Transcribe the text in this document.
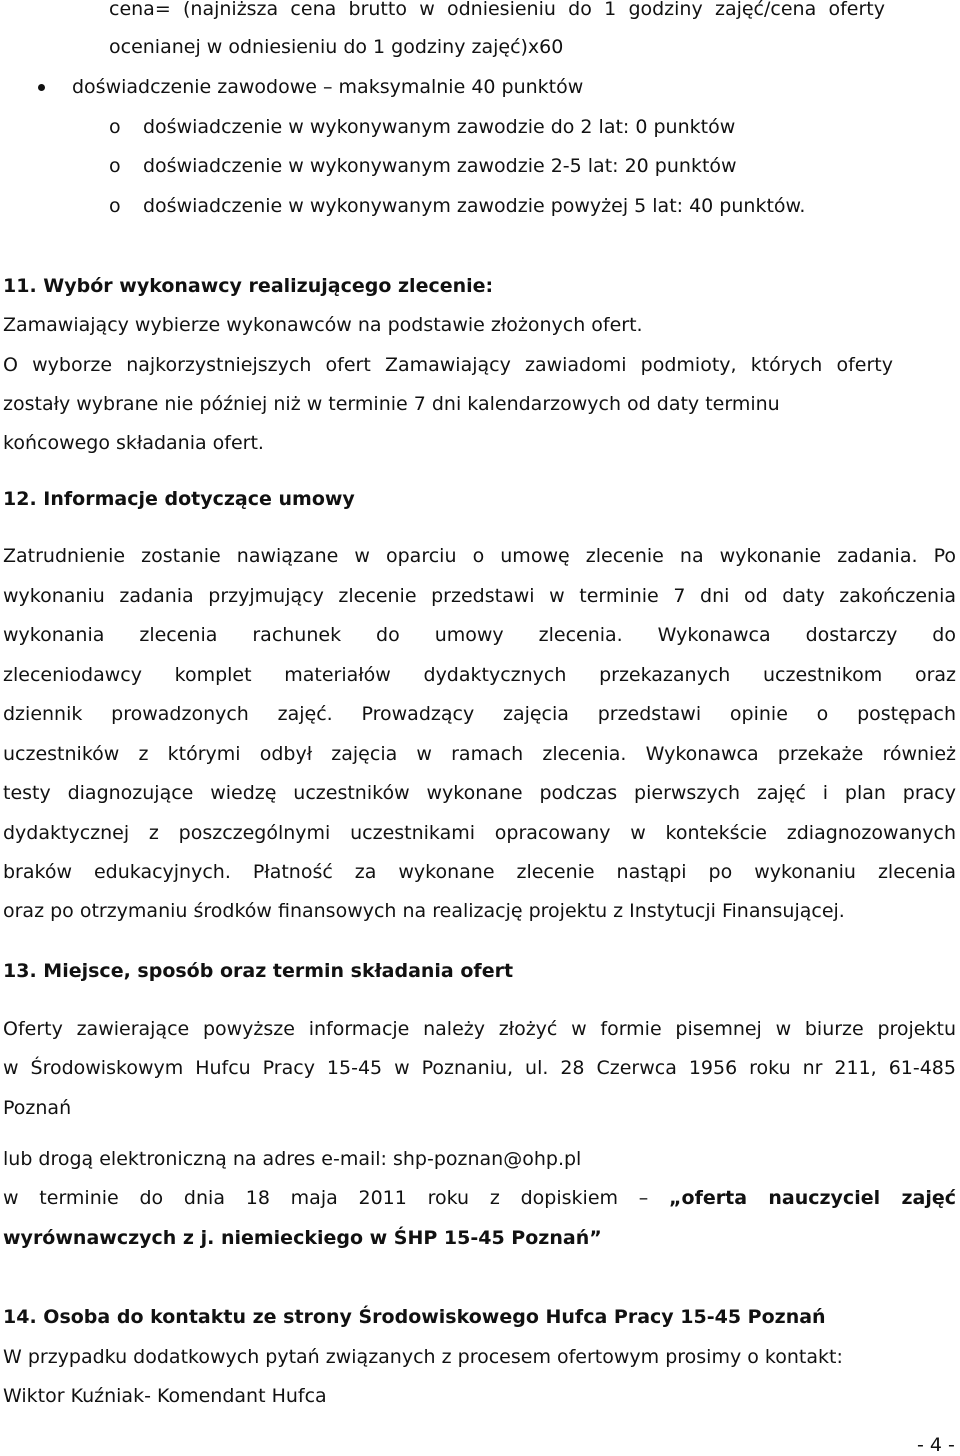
cena= (najniższa cena brutto w odniesieniu do 1 godziny zajęć/cena oferty
ocenianej w odniesieniu do 1 godziny zajęć)x60
doświadczenie zawodowe – maksymalnie 40 punktów
o doświadczenie w wykonywanym zawodzie do 2 lat: 0 punktów
o doświadczenie w wykonywanym zawodzie 2-5 lat: 20 punktów
o doświadczenie w wykonywanym zawodzie powyżej 5 lat: 40 punktów.
11. Wybór wykonawcy realizującego zlecenie:
Zamawiający wybierze wykonawców na podstawie złożonych ofert.
O wyborze najkorzystniejszych ofert Zamawiający zawiadomi podmioty, których oferty
zostały wybrane nie później niż w terminie 7 dni kalendarzowych od daty terminu
końcowego składania ofert.
12. Informacje dotyczące umowy
Zatrudnienie zostanie nawiązane w oparciu o umowę zlecenie na wykonanie zadania. Po
wykonaniu zadania przyjmujący zlecenie przedstawi w terminie 7 dni od daty zakończenia
wykonania zlecenia rachunek do umowy zlecenia. Wykonawca dostarczy do
zleceniodawcy komplet materiałów dydaktycznych przekazanych uczestnikom oraz
dziennik prowadzonych zajęć. Prowadzący zajęcia przedstawi opinie o postępach
uczestników z którymi odbył zajęcia w ramach zlecenia. Wykonawca przekaże również
testy diagnozujące wiedzę uczestników wykonane podczas pierwszych zajęć i plan pracy
dydaktycznej z poszczególnymi uczestnikami opracowany w kontekście zdiagnozowanych
braków edukacyjnych. Płatność za wykonane zlecenie nastąpi po wykonaniu zlecenia
oraz po otrzymaniu środków finansowych na realizację projektu z Instytucji Finansującej.
13. Miejsce, sposób oraz termin składania ofert
Oferty zawierające powyższe informacje należy złożyć w formie pisemnej w biurze projektu
w Środowiskowym Hufcu Pracy 15-45 w Poznaniu, ul. 28 Czerwca 1956 roku nr 211, 61-485
Poznań
lub drogą elektroniczną na adres e-mail: shp-poznan@ohp.pl
w terminie do dnia 18 maja 2011 roku z dopiskiem – „oferta nauczyciel zajęć
wyrównawczych z j. niemieckiego w ŚHP 15-45 Poznań”
14. Osoba do kontaktu ze strony Środowiskowego Hufca Pracy 15-45 Poznań
W przypadku dodatkowych pytań związanych z procesem ofertowym prosimy o kontakt:
Wiktor Kuźniak- Komendant Hufca
- 4 -
